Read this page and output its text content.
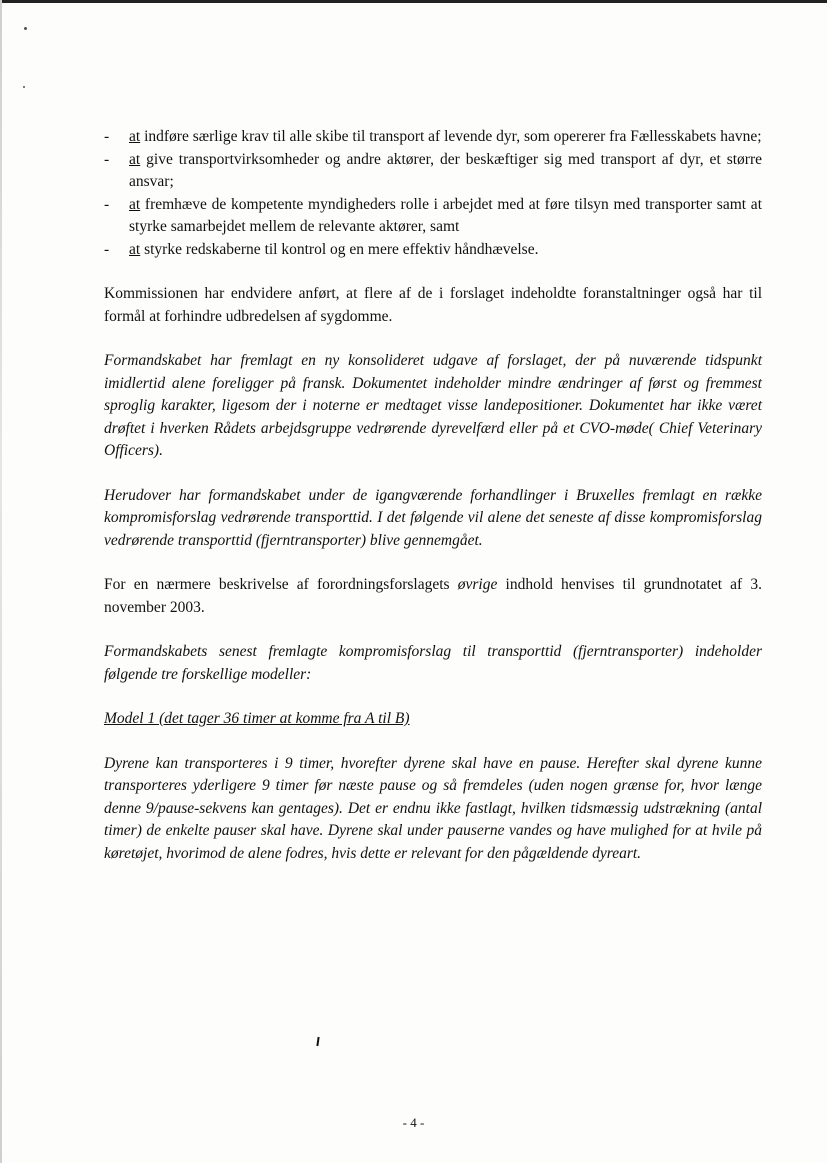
- at indføre særlige krav til alle skibe til transport af levende dyr, som opererer fra Fællesskabets havne;
- at give transportvirksomheder og andre aktører, der beskæftiger sig med transport af dyr, et større ansvar;
- at fremhæve de kompetente myndigheders rolle i arbejdet med at føre tilsyn med transporter samt at styrke samarbejdet mellem de relevante aktører, samt
- at styrke redskaberne til kontrol og en mere effektiv håndhævelse.

Kommissionen har endvidere anført, at flere af de i forslaget indeholdte foranstaltninger også har til formål at forhindre udbredelsen af sygdomme.

Formandskabet har fremlagt en ny konsolideret udgave af forslaget, der på nuværende tidspunkt imidlertid alene foreligger på fransk. Dokumentet indeholder mindre ændringer af først og fremmest sproglig karakter, ligesom der i noterne er medtaget visse landepositioner. Dokumentet har ikke været drøftet i hverken Rådets arbejdsgruppe vedrørende dyrevelfærd eller på et CVO-møde( Chief Veterinary Officers).

Herudover har formandskabet under de igangværende forhandlinger i Bruxelles fremlagt en række kompromisforslag vedrørende transporttid. I det følgende vil alene det seneste af disse kompromisforslag vedrørende transporttid (fjerntransporter) blive gennemgået.

For en nærmere beskrivelse af forordningsforslagets øvrige indhold henvises til grundnotatet af 3. november 2003.

Formandskabets senest fremlagte kompromisforslag til transporttid (fjerntransporter) indeholder følgende tre forskellige modeller:

Model 1 (det tager 36 timer at komme fra A til B)

Dyrene kan transporteres i 9 timer, hvorefter dyrene skal have en pause. Herefter skal dyrene kunne transporteres yderligere 9 timer før næste pause og så fremdeles (uden nogen grænse for, hvor længe denne 9/pause-sekvens kan gentages). Det er endnu ikke fastlagt, hvilken tidsmæssig udstrækning (antal timer) de enkelte pauser skal have. Dyrene skal under pauserne vandes og have mulighed for at hvile på køretøjet, hvorimod de alene fodres, hvis dette er relevant for den pågældende dyreart.

- 4 -
